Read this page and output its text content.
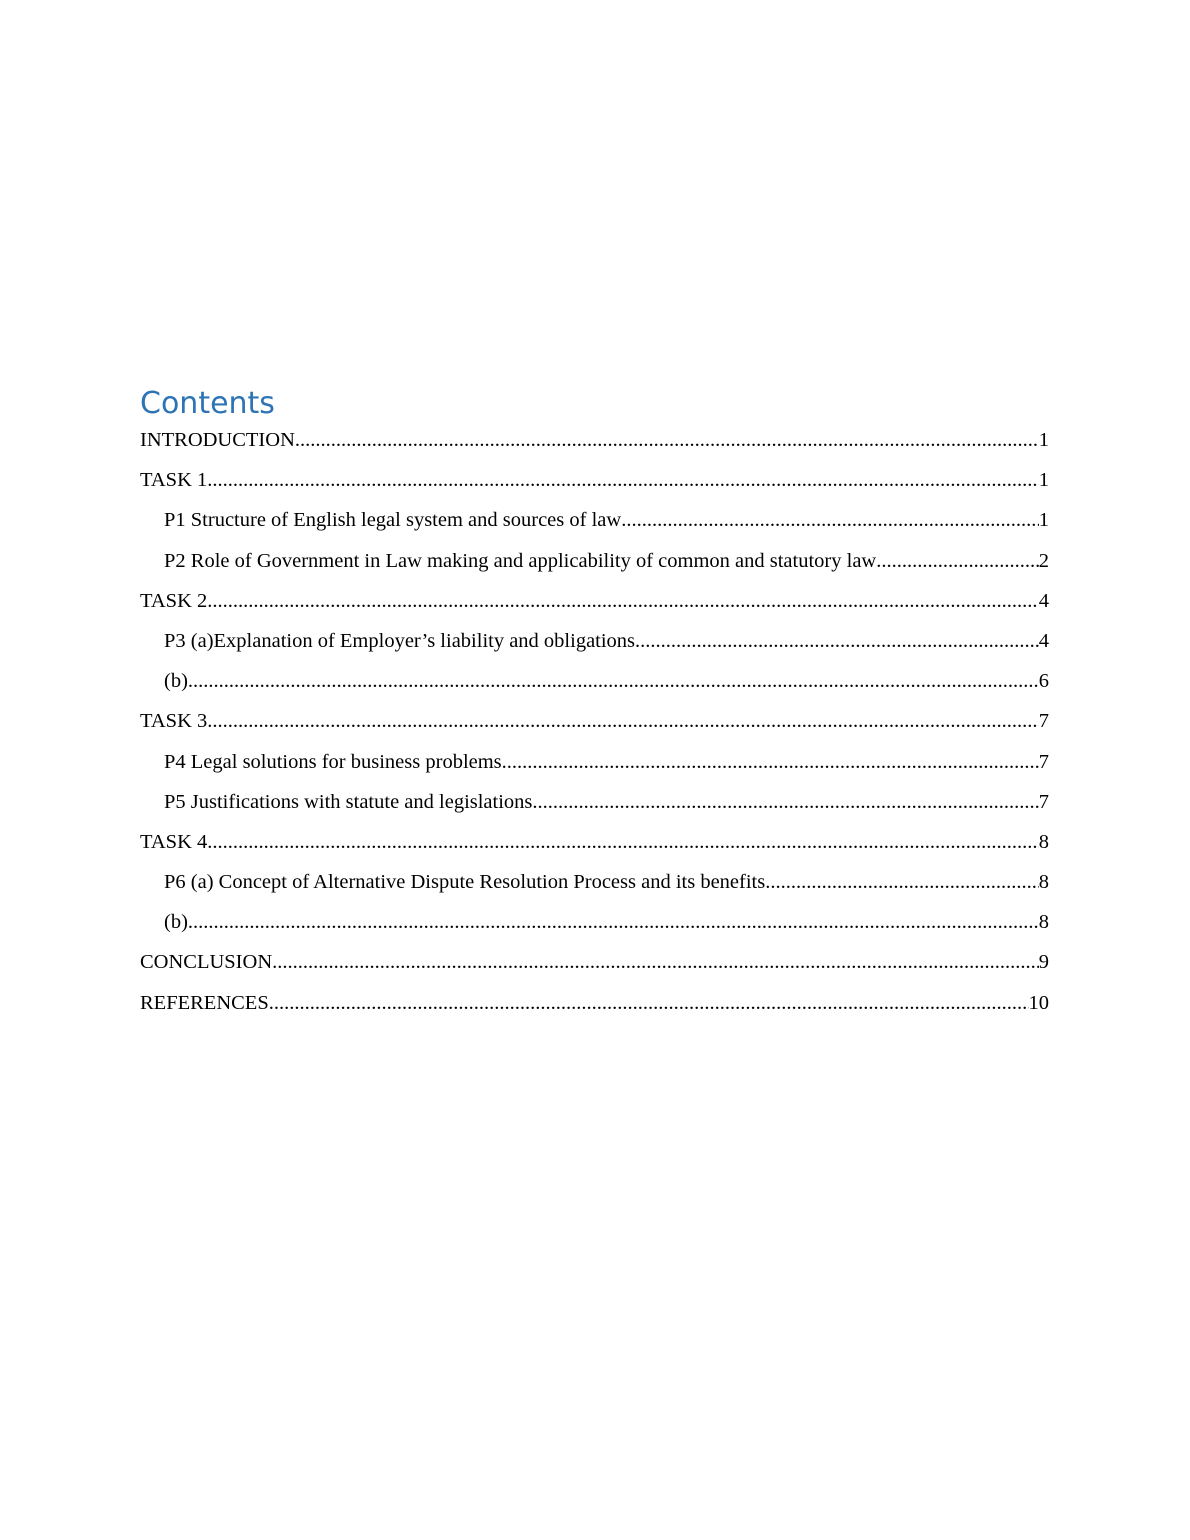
Contents
INTRODUCTION .....	1
TASK 1 .....	1
P1 Structure of English legal system and sources of law .....	1
P2 Role of Government in Law making and applicability of common and statutory law .....	2
TASK 2 .....	4
P3 (a)Explanation of Employer’s liability and obligations .....	4
(b) .....	6
TASK 3 .....	7
P4 Legal solutions for business problems .....	7
P5 Justifications with statute and legislations .....	7
TASK 4 .....	8
P6 (a) Concept of Alternative Dispute Resolution Process and its benefits .....	8
(b) .....	8
CONCLUSION .....	9
REFERENCES .....	10
